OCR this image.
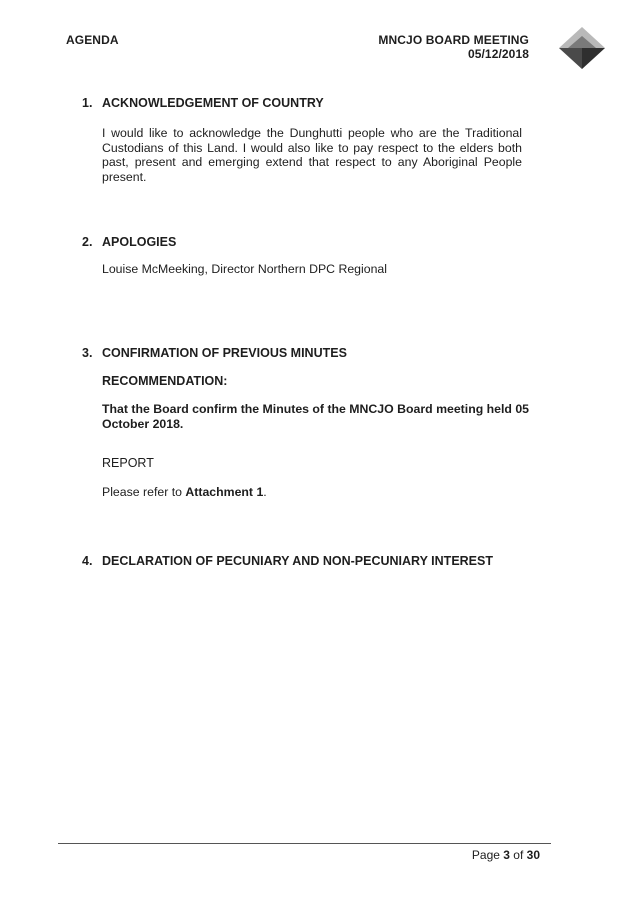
AGENDA	MNCJO BOARD MEETING
05/12/2018
1. ACKNOWLEDGEMENT OF COUNTRY
I would like to acknowledge the Dunghutti people who are the Traditional Custodians of this Land. I would also like to pay respect to the elders both past, present and emerging extend that respect to any Aboriginal People present.
2. APOLOGIES
Louise McMeeking, Director Northern DPC Regional
3. CONFIRMATION OF PREVIOUS MINUTES
RECOMMENDATION:
That the Board confirm the Minutes of the MNCJO Board meeting held 05 October 2018.
REPORT
Please refer to Attachment 1.
4. DECLARATION OF PECUNIARY AND NON-PECUNIARY INTEREST
Page 3 of 30
